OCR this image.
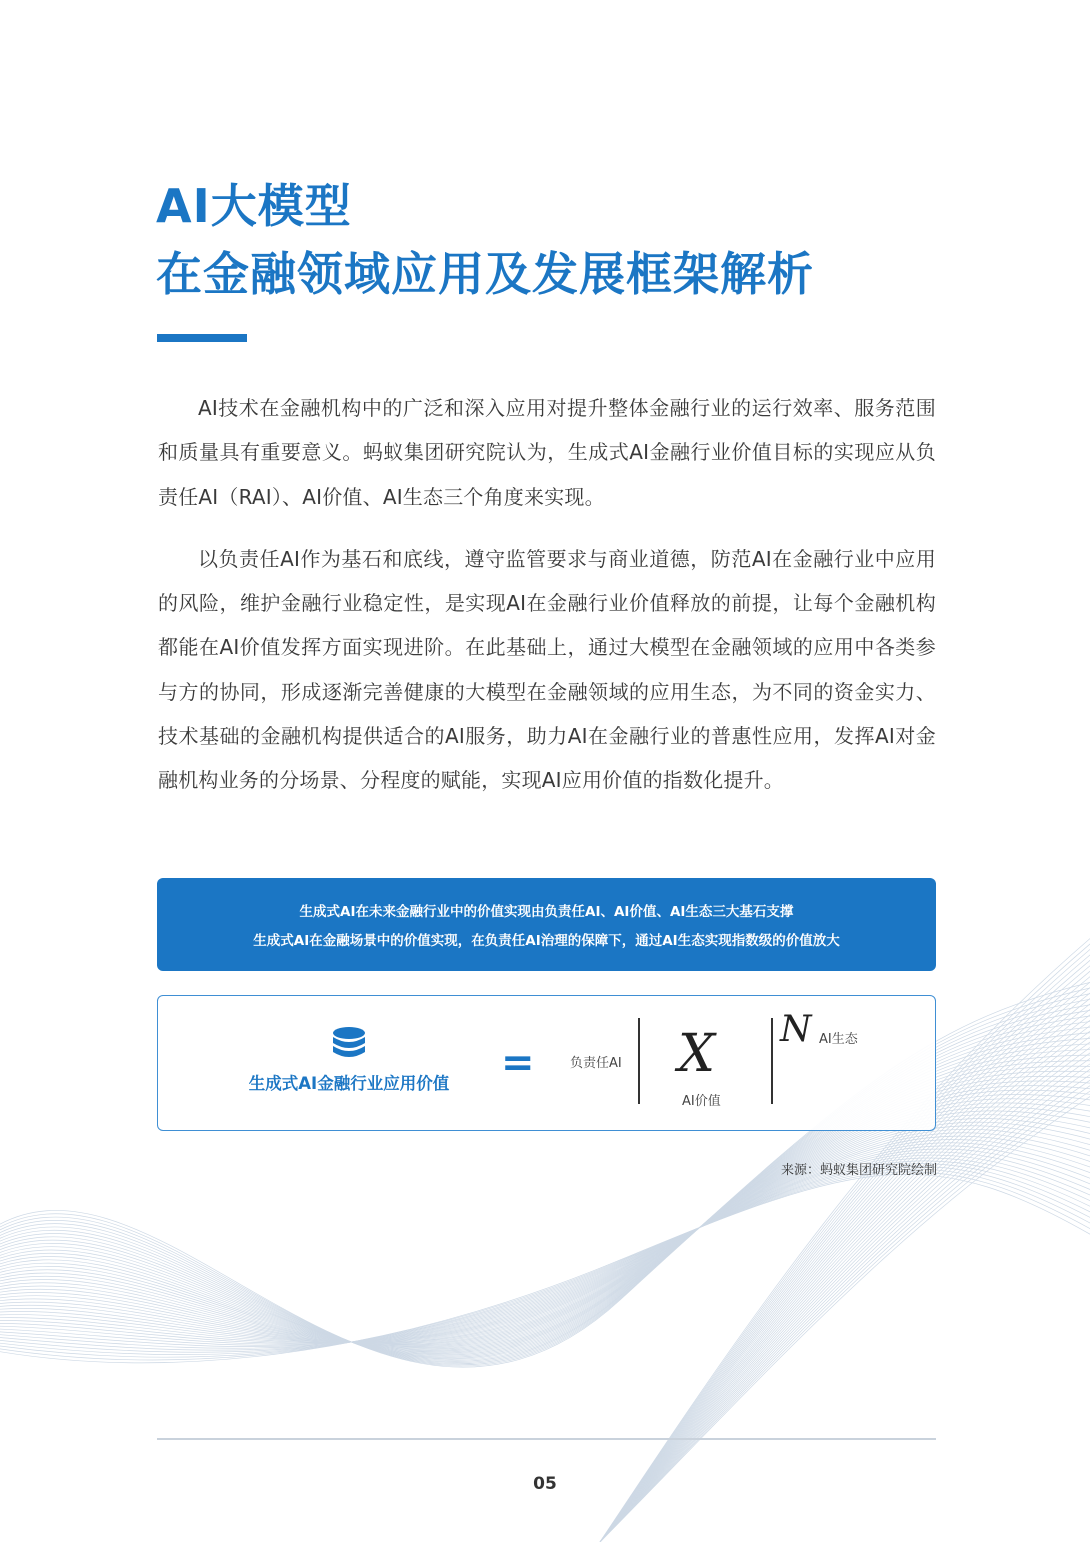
AI大模型
在金融领域应用及发展框架解析

AI技术在金融机构中的广泛和深入应用对提升整体金融行业的运行效率、服务范围和质量具有重要意义。蚂蚁集团研究院认为，生成式AI金融行业价值目标的实现应从负责任AI（RAI）、AI价值、AI生态三个角度来实现。

以负责任AI作为基石和底线，遵守监管要求与商业道德，防范AI在金融行业中应用的风险，维护金融行业稳定性，是实现AI在金融行业价值释放的前提，让每个金融机构都能在AI价值发挥方面实现进阶。在此基础上，通过大模型在金融领域的应用中各类参与方的协同，形成逐渐完善健康的大模型在金融领域的应用生态，为不同的资金实力、技术基础的金融机构提供适合的AI服务，助力AI在金融行业的普惠性应用，发挥AI对金融机构业务的分场景、分程度的赋能，实现AI应用价值的指数化提升。

生成式AI在未来金融行业中的价值实现由负责任AI、AI价值、AI生态三大基石支撑
生成式AI在金融场景中的价值实现，在负责任AI治理的保障下，通过AI生态实现指数级的价值放大
生成式AI金融行业应用价值 =	负责任AI X
AI价值
N AI生态
来源：蚂蚁集团研究院绘制
05
